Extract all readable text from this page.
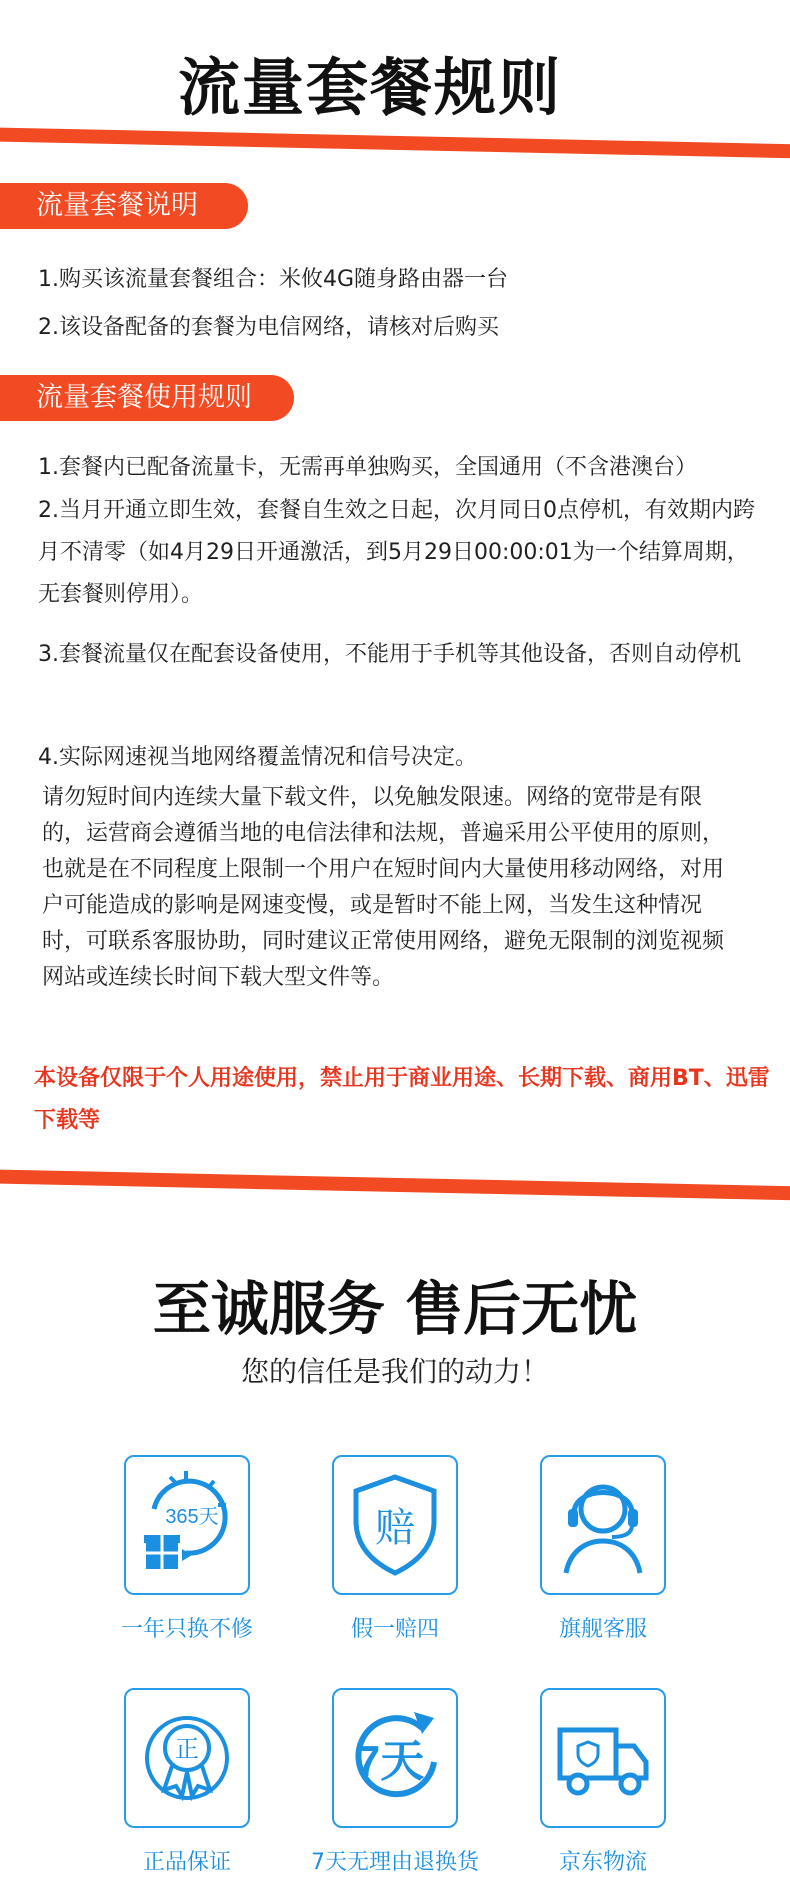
流量套餐规则
流量套餐说明
1.购买该流量套餐组合：米攸4G随身路由器一台
2.该设备配备的套餐为电信网络，请核对后购买
流量套餐使用规则
1.套餐内已配备流量卡，无需再单独购买，全国通用（不含港澳台）
2.当月开通立即生效，套餐自生效之日起，次月同日0点停机，有效期内跨月不清零（如4月29日开通激活，到5月29日00:00:01为一个结算周期，无套餐则停用）。
3.套餐流量仅在配套设备使用，不能用于手机等其他设备，否则自动停机
4.实际网速视当地网络覆盖情况和信号决定。
请勿短时间内连续大量下载文件，以免触发限速。网络的宽带是有限的，运营商会遵循当地的电信法律和法规，普遍采用公平使用的原则，也就是在不同程度上限制一个用户在短时间内大量使用移动网络，对用户可能造成的影响是网速变慢，或是暂时不能上网，当发生这种情况时，可联系客服协助，同时建议正常使用网络，避免无限制的浏览视频网站或连续长时间下载大型文件等。
本设备仅限于个人用途使用，禁止用于商业用途、长期下载、商用BT、迅雷下载等
至诚服务 售后无忧
您的信任是我们的动力！
365天
一年只换不修
赔
假一赔四	旗舰客服
正
正品保证
7天
7天无理由退换货	京东物流
